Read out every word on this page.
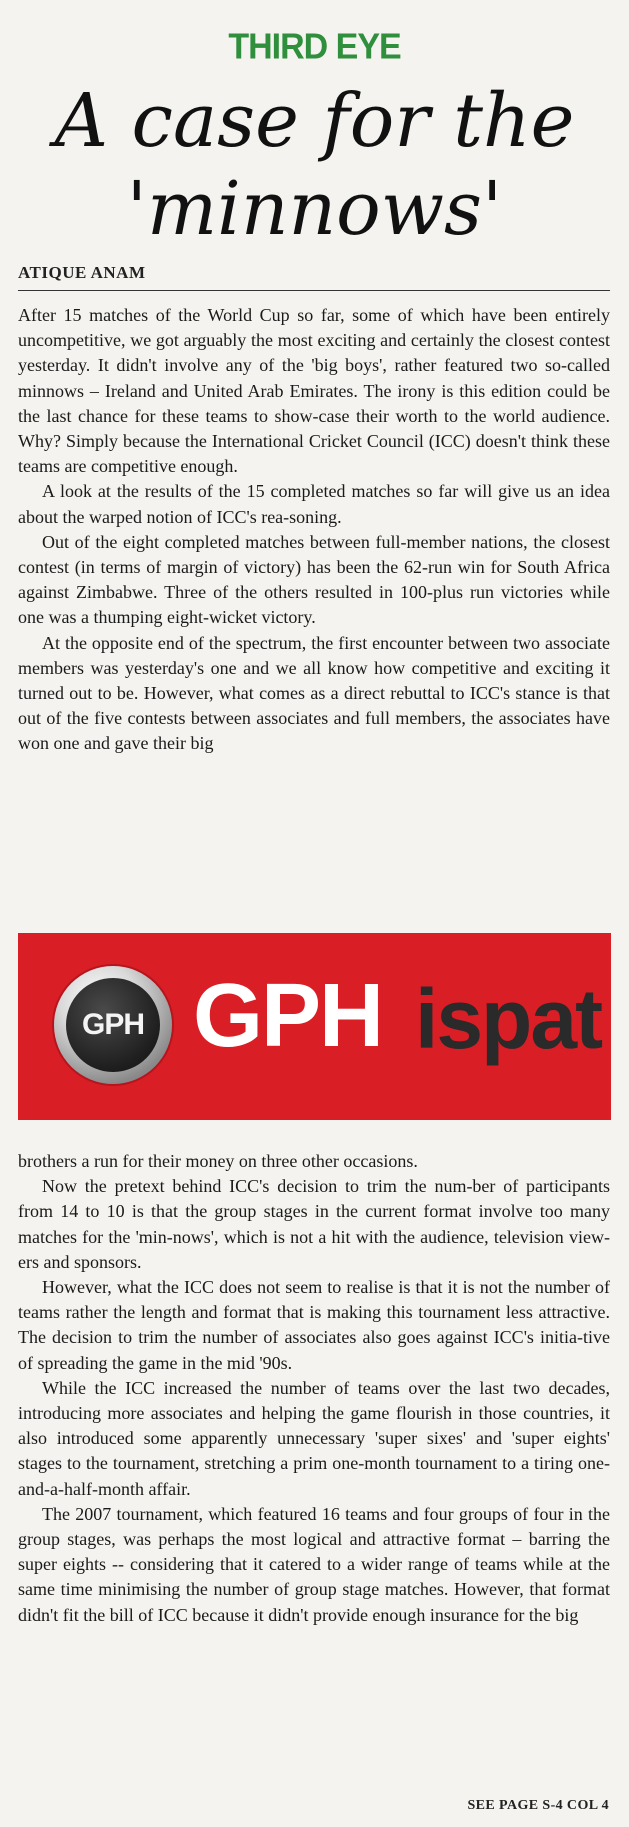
THIRD EYE
A case for the
'minnows'
ATIQUE ANAM

After 15 matches of the World Cup so far, some of which have been entirely uncompetitive, we got arguably the most exciting and certainly the closest contest yesterday. It didn't involve any of the 'big boys', rather featured two so-called minnows – Ireland and United Arab Emirates. The irony is this edition could be the last chance for these teams to show-case their worth to the world audience. Why? Simply because the International Cricket Council (ICC) doesn't think these teams are competitive enough.

A look at the results of the 15 completed matches so far will give us an idea about the warped notion of ICC's rea-soning.

Out of the eight completed matches between full-member nations, the closest contest (in terms of margin of victory) has been the 62-run win for South Africa against Zimbabwe. Three of the others resulted in 100-plus run victories while one was a thumping eight-wicket victory.

At the opposite end of the spectrum, the first encounter between two associate members was yesterday's one and we all know how competitive and exciting it turned out to be. However, what comes as a direct rebuttal to ICC's stance is that out of the five contests between associates and full members, the associates have won one and gave their big

GPH GPH ispat

brothers a run for their money on three other occasions.

Now the pretext behind ICC's decision to trim the num-ber of participants from 14 to 10 is that the group stages in the current format involve too many matches for the 'min-nows', which is not a hit with the audience, television view-ers and sponsors.

However, what the ICC does not seem to realise is that it is not the number of teams rather the length and format that is making this tournament less attractive. The decision to trim the number of associates also goes against ICC's initia-tive of spreading the game in the mid '90s.

While the ICC increased the number of teams over the last two decades, introducing more associates and helping the game flourish in those countries, it also introduced some apparently unnecessary 'super sixes' and 'super eights' stages to the tournament, stretching a prim one-month tournament to a tiring one-and-a-half-month affair.

The 2007 tournament, which featured 16 teams and four groups of four in the group stages, was perhaps the most logical and attractive format – barring the super eights -- considering that it catered to a wider range of teams while at the same time minimising the number of group stage matches. However, that format didn't fit the bill of ICC because it didn't provide enough insurance for the big

SEE PAGE S-4 COL 4
